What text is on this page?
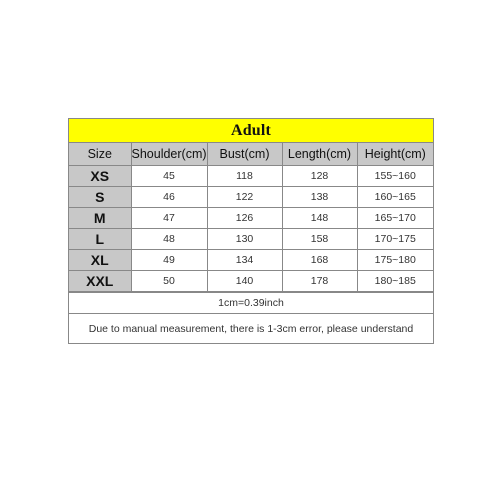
Adult
Size	Shoulder(cm)	Bust(cm)	Length(cm)	Height(cm)
XS	45	118	128	155~160
S	46	122	138	160~165
M	47	126	148	165~170
L	48	130	158	170~175
XL	49	134	168	175~180
XXL	50	140	178	180~185
1cm=0.39inch
Due to manual measurement, there is 1-3cm error, please understand
